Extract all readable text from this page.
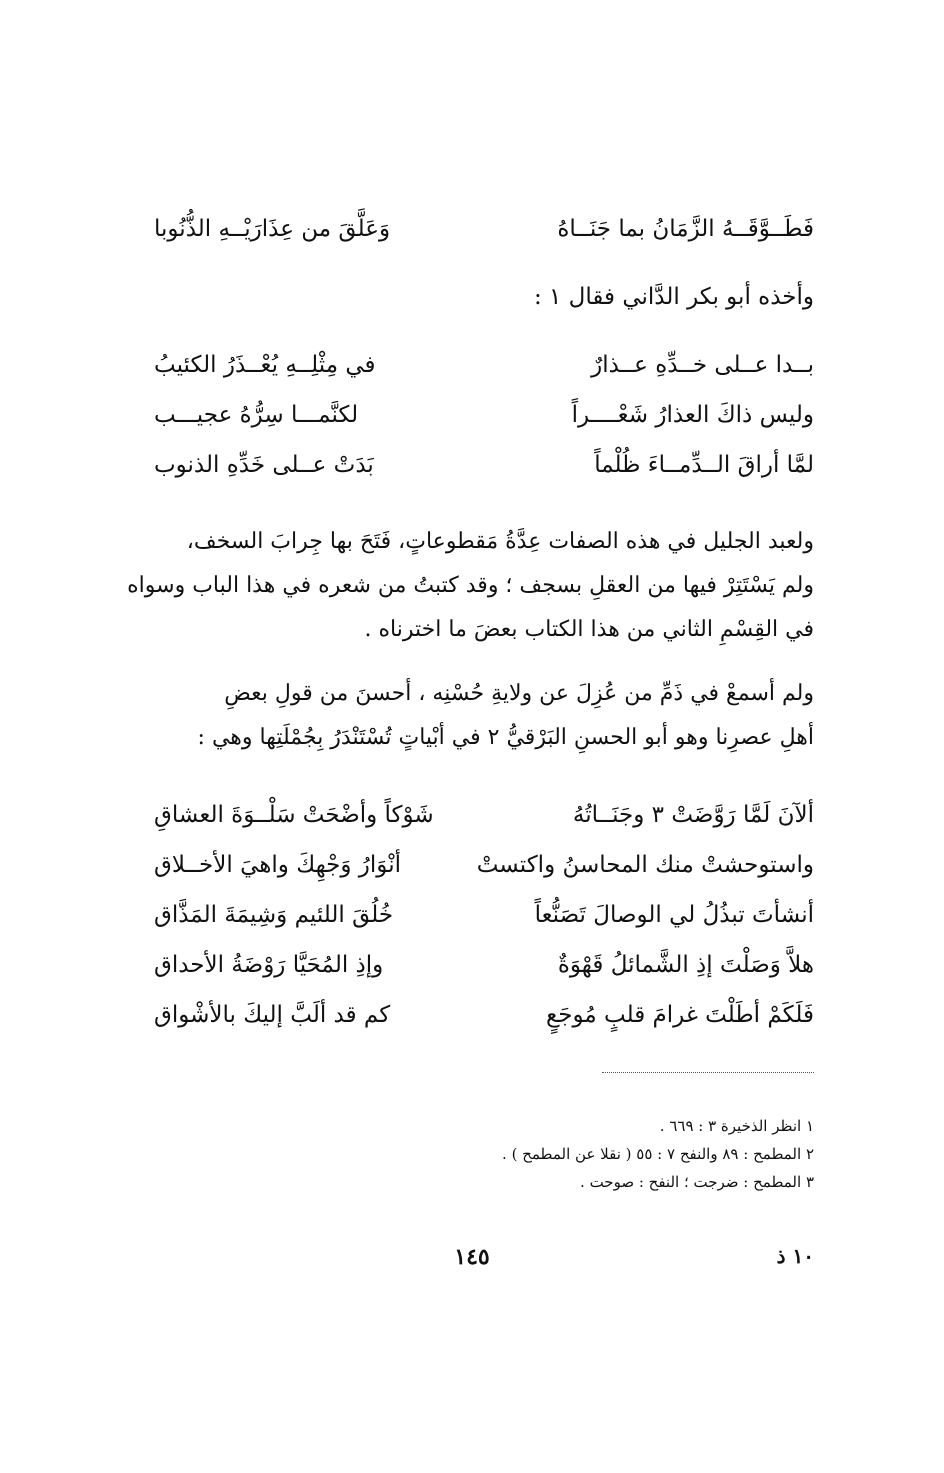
فَطَــوَّقَــهُ الزَّمَانُ بما جَنَــاهُ
وَعَلَّقَ من عِذَارَيْــهِ الذُّنُوبا
وأخذه أبو بكر الدَّاني فقال ١ :
بــدا عــلى خــدِّهِ عــذارٌ
في مِثْلِــهِ يُعْــذَرُ الكئيبُ
وليس ذاكَ العذارُ شَعْــــراً
لكنَّمـــا سِرُّهُ عجيـــب
لمَّا أراقَ الــدِّمــاءَ ظُلْماً
بَدَتْ عــلى خَدِّهِ الذنوب
ولعبد الجليل في هذه الصفات عِدَّةُ مَقطوعاتٍ، فَتَحَ بها جِرابَ السخف،
ولم يَسْتَتِرْ فيها من العقلِ بسجف ؛ وقد كتبتُ من شعره في هذا الباب وسواه
في القِسْمِ الثاني من هذا الكتاب بعضَ ما اخترناه .
ولم أسمعْ في ذَمِّ من عُزِلَ عن ولايةِ حُسْنِه ، أحسنَ من قولِ بعضِ
أهلِ عصرِنا وهو أبو الحسنِ البَرْقيُّ ٢ في أبْياتٍ تُسْتَنْدَرُ بِجُمْلَتِها وهي :
ألآنَ لَمَّا رَوَّضَتْ ٣ وجَنَــاتُهُ
شَوْكاً وأضْحَتْ سَلْــوَةَ العشاقِ
واستوحشتْ منك المحاسنُ واكتستْ
أنْوَارُ وَجْهِكَ واهيَ الأخــلاق
أنشأتَ تبذُلُ لي الوصالَ تَصَنُّعاً
خُلُقَ اللئيم وَشِيمَةَ المَذَّاق
هلاَّ وَصَلْتَ إذِ الشَّمائلُ قَهْوَةٌ
وإذِ المُحَيَّا رَوْضَةُ الأحداق
فَلَكَمْ أطَلْتَ غرامَ قلبٍ مُوجَعٍ
كم قد ألَبَّ إليكَ بالأشْواق
١ انظر الذخيرة ٣ : ٦٦٩ .
٢ المطمح : ٨٩ والنفح ٧ : ٥٥ ( نقلا عن المطمح ) .
٣ المطمح : ضرجت ؛ النفح : صوحت .
١٤٥	١٠ ذ
